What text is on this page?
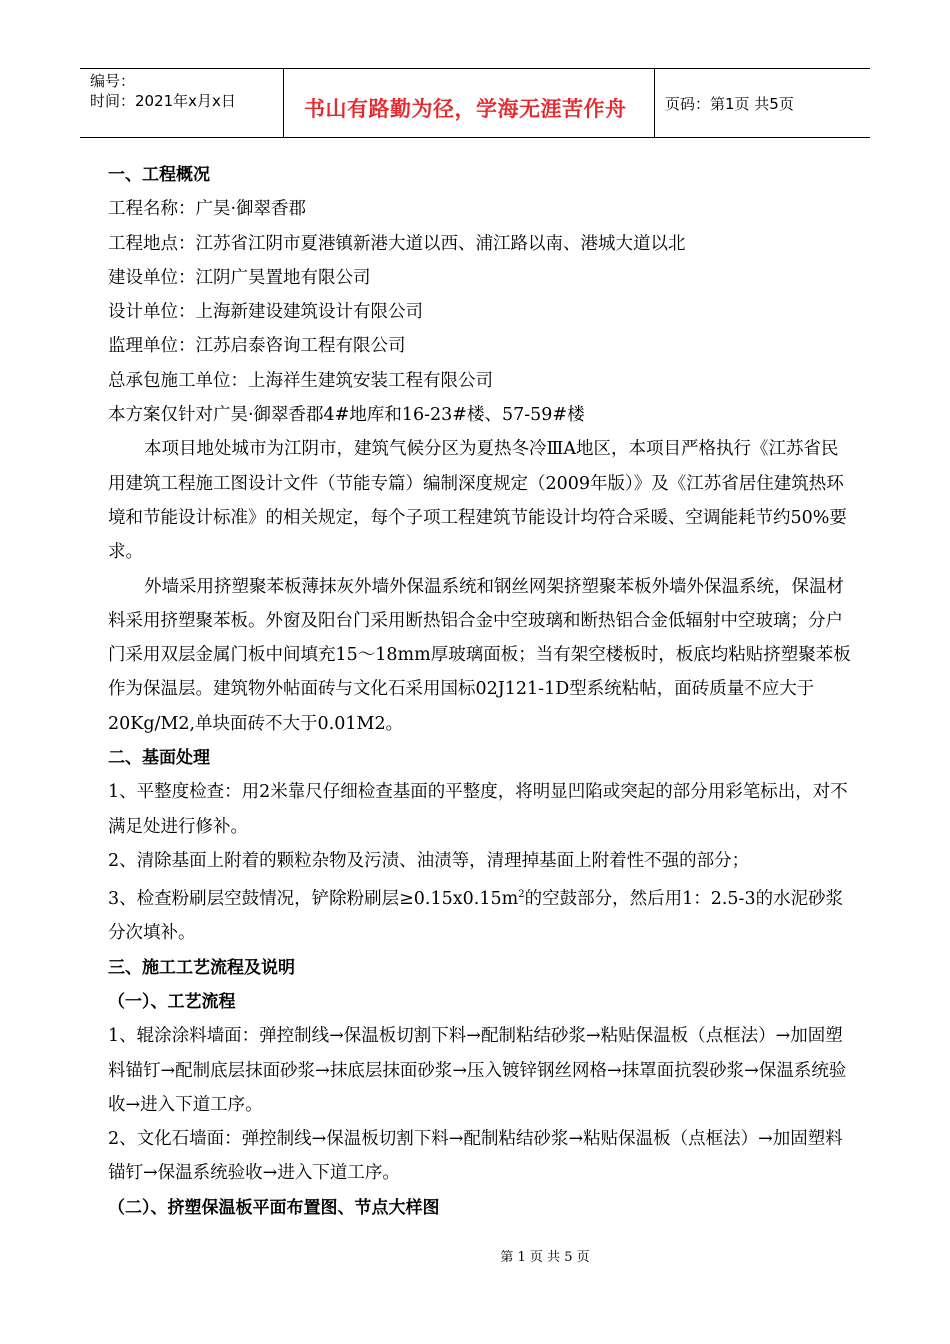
编号：
时间：2021年x月x日	书山有路勤为径，学海无涯苦作舟	页码：第1页 共5页

一、工程概况

工程名称：广昊·御翠香郡

工程地点：江苏省江阴市夏港镇新港大道以西、浦江路以南、港城大道以北

建设单位：江阴广昊置地有限公司

设计单位：上海新建设建筑设计有限公司

监理单位：江苏启泰咨询工程有限公司

总承包施工单位：上海祥生建筑安装工程有限公司

本方案仅针对广昊·御翠香郡4#地库和16-23#楼、57-59#楼

本项目地处城市为江阴市，建筑气候分区为夏热冬冷ⅢA地区，本项目严格执行《江苏省民用建筑工程施工图设计文件（节能专篇）编制深度规定（2009年版）》及《江苏省居住建筑热环境和节能设计标准》的相关规定，每个子项工程建筑节能设计均符合采暖、空调能耗节约50%要求。

外墙采用挤塑聚苯板薄抹灰外墙外保温系统和钢丝网架挤塑聚苯板外墙外保温系统，保温材料采用挤塑聚苯板。外窗及阳台门采用断热铝合金中空玻璃和断热铝合金低辐射中空玻璃；分户门采用双层金属门板中间填充15～18mm厚玻璃面板；当有架空楼板时，板底均粘贴挤塑聚苯板作为保温层。建筑物外帖面砖与文化石采用国标02J121-1D型系统粘帖，面砖质量不应大于20Kg/M2,单块面砖不大于0.01M2。

二、基面处理

1、平整度检查：用2米靠尺仔细检查基面的平整度，将明显凹陷或突起的部分用彩笔标出，对不满足处进行修补。

2、清除基面上附着的颗粒杂物及污渍、油渍等，清理掉基面上附着性不强的部分；

3、检查粉刷层空鼓情况，铲除粉刷层$\ge 0.15x0.15m^2$的空鼓部分，然后用1：2.5-3的水泥砂浆分次填补。

三、施工工艺流程及说明

（一）、工艺流程

1、辊涂涂料墙面：弹控制线→保温板切割下料→配制粘结砂浆→粘贴保温板（点框法）→加固塑料锚钉→配制底层抹面砂浆→抹底层抹面砂浆→压入镀锌钢丝网格→抹罩面抗裂砂浆→保温系统验收→进入下道工序。

2、文化石墙面：弹控制线→保温板切割下料→配制粘结砂浆→粘贴保温板（点框法）→加固塑料锚钉→保温系统验收→进入下道工序。

（二）、挤塑保温板平面布置图、节点大样图

第 1 页 共 5 页
